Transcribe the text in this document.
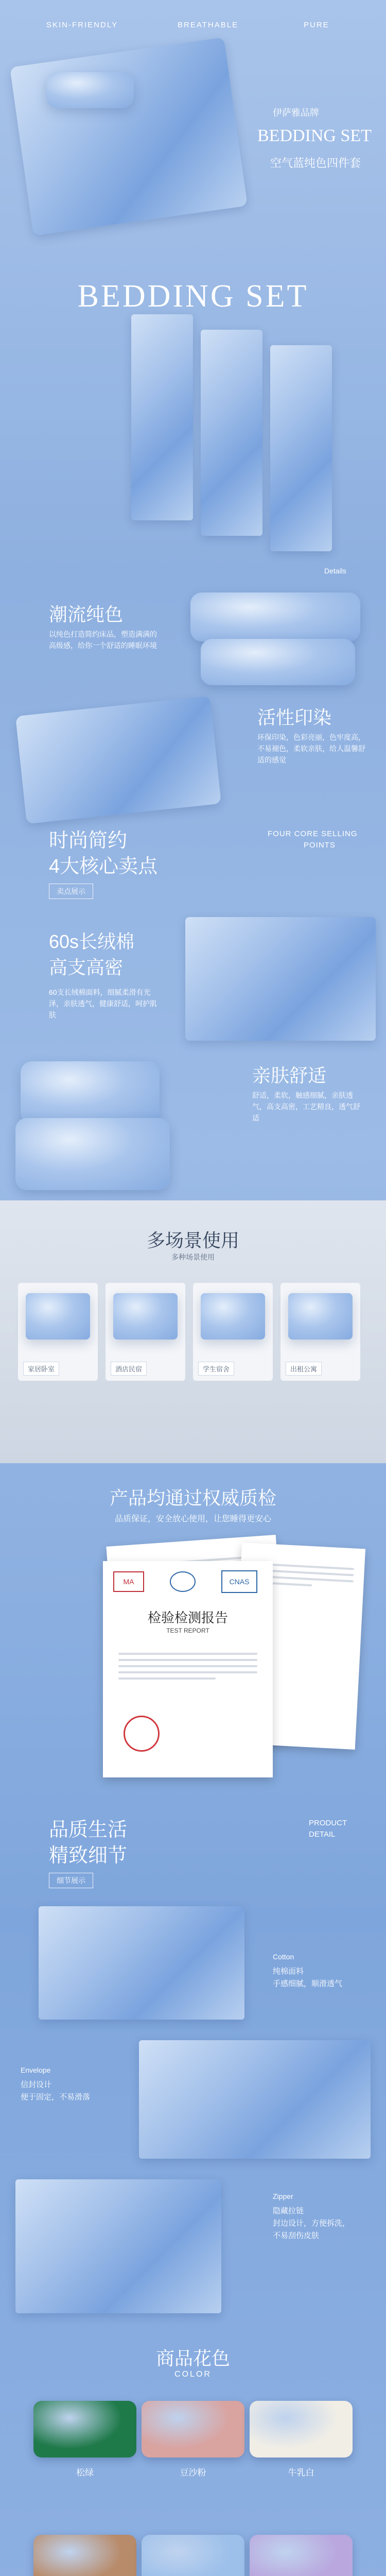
SKIN-FRIENDLY	BREATHABLE	PURE
伊萨雅品牌
BEDDING SET
空气蓝纯色四件套
BEDDING SET
Details
潮流纯色
以纯色打造简约床品，塑造满满的高级感，给你一个舒适的睡眠环境
活性印染
环保印染，色彩亮丽，色牢度高，不易褪色，柔软亲肤，给人温馨舒适的感觉
时尚简约
4大核心卖点
FOUR CORE SELLING
POINTS
卖点展示
60s长绒棉
高支高密
60支长绒棉面料，细腻柔滑有光泽，亲肤透气，健康舒适，呵护肌肤
亲肤舒适
舒适，柔软，触感细腻，亲肤透气，高支高密，工艺精良，透气舒适
多场景使用
多种场景使用
家居卧室	酒店民宿	学生宿舍	出租公寓
产品均通过权威质检
品质保证，安全放心使用，让您睡得更安心
MA	CNAS
检验检测报告
TEST REPORT
品质生活
精致细节
PRODUCT
DETAIL
细节展示
Cotton
纯棉面料
手感细腻，顺滑透气
Envelope
信封设计
便于固定，不易滑落
Zipper
隐藏拉链
封边设计，方便拆洗，
不易刮伤皮肤
商品花色
COLOR
松绿	豆沙粉	牛乳白
